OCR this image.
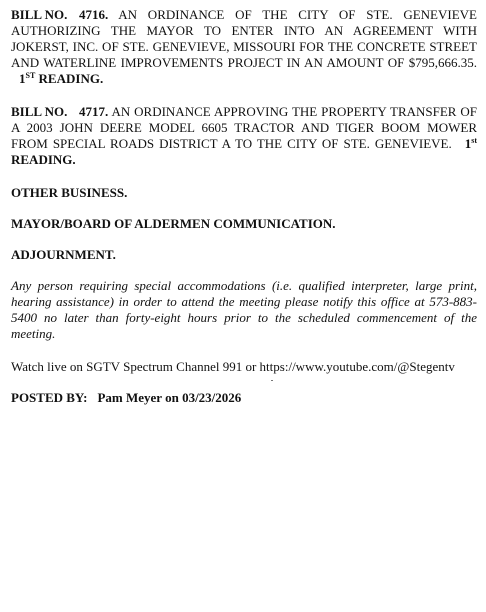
BILL NO. 4716. AN ORDINANCE OF THE CITY OF STE. GENEVIEVE AUTHORIZING THE MAYOR TO ENTER INTO AN AGREEMENT WITH JOKERST, INC. OF STE. GENEVIEVE, MISSOURI FOR THE CONCRETE STREET AND WATERLINE IMPROVEMENTS PROJECT IN AN AMOUNT OF $795,666.35. 1ST READING.

BILL NO. 4717. AN ORDINANCE APPROVING THE PROPERTY TRANSFER OF A 2003 JOHN DEERE MODEL 6605 TRACTOR AND TIGER BOOM MOWER FROM SPECIAL ROADS DISTRICT A TO THE CITY OF STE. GENEVIEVE. 1st READING.

OTHER BUSINESS.

MAYOR/BOARD OF ALDERMEN COMMUNICATION.

ADJOURNMENT.

Any person requiring special accommodations (i.e. qualified interpreter, large print, hearing assistance) in order to attend the meeting please notify this office at 573-883-5400 no later than forty-eight hours prior to the scheduled commencement of the meeting.

Watch live on SGTV Spectrum Channel 991 or https://www.youtube.com/@Stegentv

POSTED BY: Pam Meyer on 03/23/2026
